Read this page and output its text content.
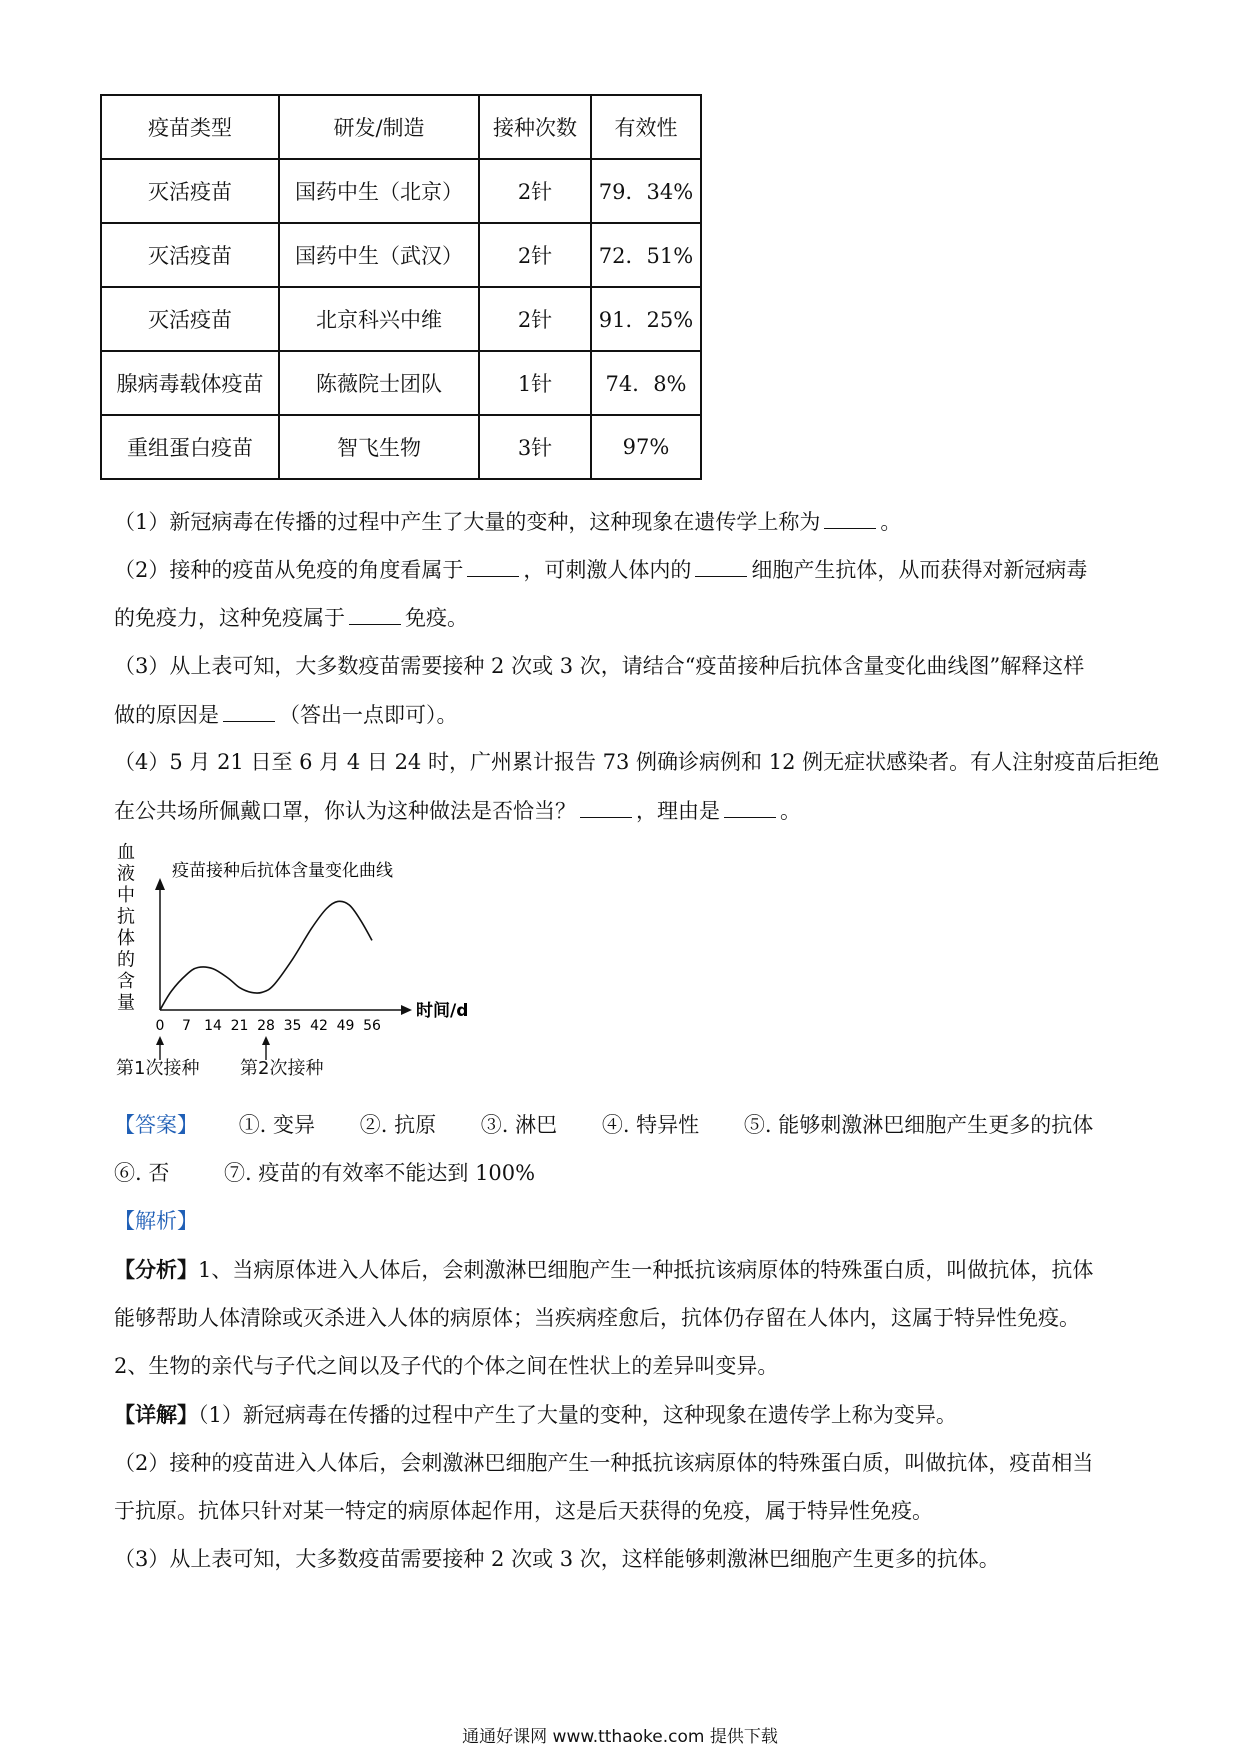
疫苗类型	研发/制造	接种次数	有效性
灭活疫苗	国药中生（北京）	2针	79．34%
灭活疫苗	国药中生（武汉）	2针	72．51%
灭活疫苗	北京科兴中维	2针	91．25%
腺病毒载体疫苗	陈薇院士团队	1针	74．8%
重组蛋白疫苗	智飞生物	3针	97%
（1）新冠病毒在传播的过程中产生了大量的变种，这种现象在遗传学上称为	。
（2）接种的疫苗从免疫的角度看属于	，可刺激人体内的	细胞产生抗体，从而获得对新冠病毒
的免疫力，这种免疫属于	免疫。
（3）从上表可知，大多数疫苗需要接种 2 次或 3 次，请结合“疫苗接种后抗体含量变化曲线图”解释这样
做的原因是	（答出一点即可）。
（4）5 月 21 日至 6 月 4 日 24 时，广州累计报告 73 例确诊病例和 12 例无症状感染者。有人注射疫苗后拒绝
在公共场所佩戴口罩，你认为这种做法是否恰当？	，理由是	。
血
液
中
抗
体
的
含
量
疫苗接种后抗体含量变化曲线
时间/d
0 7 14 21 28 35 42 49 56
【答案】 ①. 变异 ②. 抗原 ③. 淋巴 ④. 特异性 ⑤. 能够刺激淋巴细胞产生更多的抗体
⑥. 否	⑦. 疫苗的有效率不能达到 100%
【解析】
【分析】1、当病原体进入人体后，会刺激淋巴细胞产生一种抵抗该病原体的特殊蛋白质，叫做抗体，抗体
能够帮助人体清除或灭杀进入人体的病原体；当疾病痊愈后，抗体仍存留在人体内，这属于特异性免疫。
2、生物的亲代与子代之间以及子代的个体之间在性状上的差异叫变异。
【详解】（1）新冠病毒在传播的过程中产生了大量的变种，这种现象在遗传学上称为变异。
（2）接种的疫苗进入人体后，会刺激淋巴细胞产生一种抵抗该病原体的特殊蛋白质，叫做抗体，疫苗相当
于抗原。抗体只针对某一特定的病原体起作用，这是后天获得的免疫，属于特异性免疫。
（3）从上表可知，大多数疫苗需要接种 2 次或 3 次，这样能够刺激淋巴细胞产生更多的抗体。
通通好课网 www.tthaoke.com 提供下载
第1次接种 第2次接种
